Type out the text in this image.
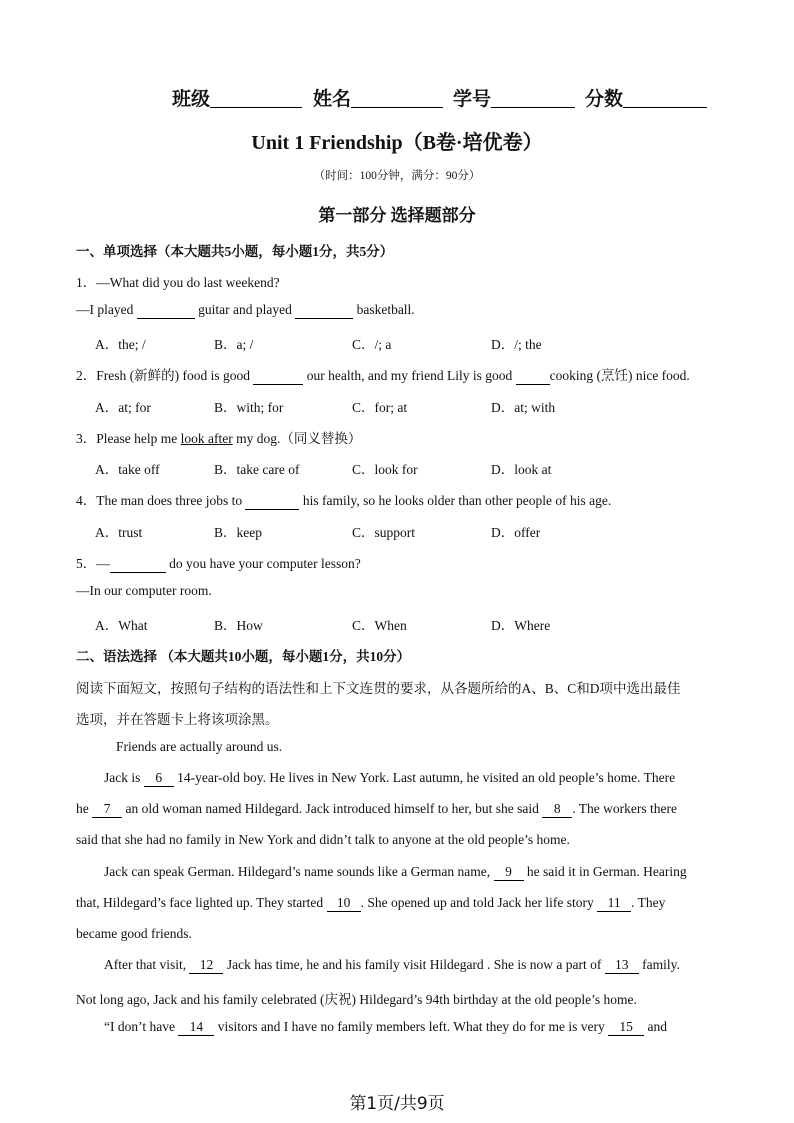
班级	姓名	学号	分数
Unit 1 Friendship（B卷·培优卷）
（时间：100分钟，满分：90分）
第一部分 选择题部分
一、单项选择（本大题共5小题，每小题1分，共5分）
1．—What did you do last weekend?
—I played	guitar and played	basketball.
A．the; /	B．a; /	C．/; a	D．/; the
2．Fresh (新鲜的) food is good	our health, and my friend Lily is good	cooking (烹饪) nice food.
A．at; for	B．with; for	C．for; at	D．at; with
3．Please help me look after my dog.（同义替换）
A．take off	B．take care of	C．look for	D．look at
4．The man does three jobs to	his family, so he looks older than other people of his age.
A．trust	B．keep	C．support	D．offer
5．—	do you have your computer lesson?
—In our computer room.
A．What	B．How	C．When	D．Where
二、语法选择 （本大题共10小题，每小题1分，共10分）
阅读下面短文，按照句子结构的语法性和上下文连贯的要求，从各题所给的A、B、C和D项中选出最佳
选项，并在答题卡上将该项涂黑。
Friends are actually around us.
Jack is 6 14-year-old boy. He lives in New York. Last autumn, he visited an old people’s home. There
he 7 an old woman named Hildegard. Jack introduced himself to her, but she said 8 . The workers there
said that she had no family in New York and didn’t talk to anyone at the old people’s home.
Jack can speak German. Hildegard’s name sounds like a German name, 9 he said it in German. Hearing
that, Hildegard’s face lighted up. They started 10 . She opened up and told Jack her life story 11 . They
became good friends.
After that visit, 12 Jack has time, he and his family visit Hildegard . She is now a part of 13 family.
Not long ago, Jack and his family celebrated (庆祝) Hildegard’s 94th birthday at the old people’s home.
“I don’t have 14 visitors and I have no family members left. What they do for me is very 15 and
第1页/共9页
